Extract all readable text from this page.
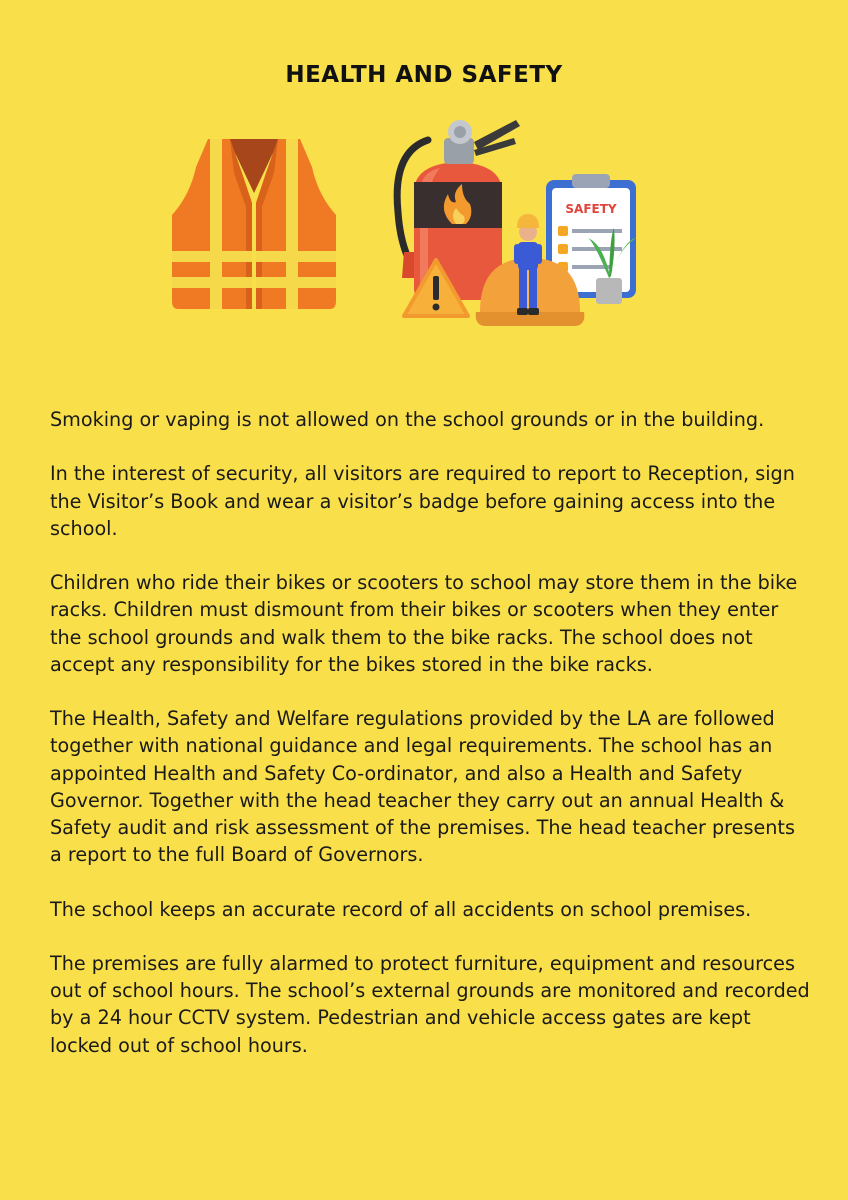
HEALTH AND SAFETY
SAFETY

Smoking or vaping is not allowed on the school grounds or in the building.

In the interest of security, all visitors are required to report to Reception, sign the Visitor’s Book and wear a visitor’s badge before gaining access into the school.

Children who ride their bikes or scooters to school may store them in the bike racks. Children must dismount from their bikes or scooters when they enter the school grounds and walk them to the bike racks. The school does not accept any responsibility for the bikes stored in the bike racks.

The Health, Safety and Welfare regulations provided by the LA are followed together with national guidance and legal requirements. The school has an appointed Health and Safety Co-ordinator, and also a Health and Safety Governor. Together with the head teacher they carry out an annual Health & Safety audit and risk assessment of the premises. The head teacher presents a report to the full Board of Governors.

The school keeps an accurate record of all accidents on school premises.

The premises are fully alarmed to protect furniture, equipment and resources out of school hours. The school’s external grounds are monitored and recorded by a 24 hour CCTV system. Pedestrian and vehicle access gates are kept locked out of school hours.
